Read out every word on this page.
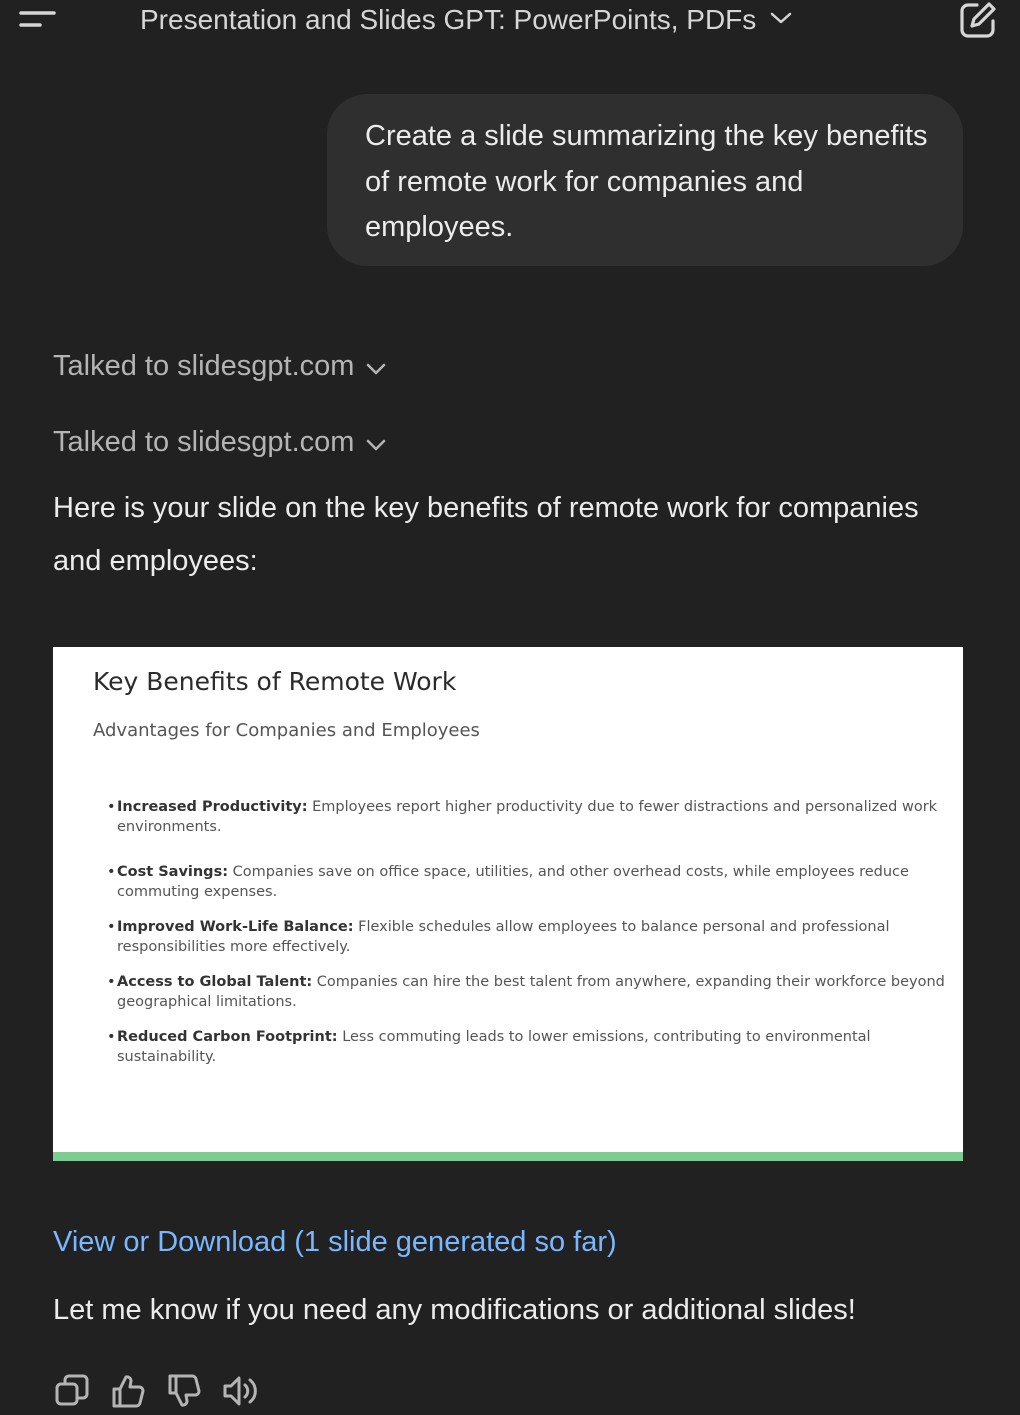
Presentation and Slides GPT: PowerPoints, PDFs
Create a slide summarizing the key benefits of remote work for companies and employees.
Talked to slidesgpt.com
Talked to slidesgpt.com
Here is your slide on the key benefits of remote work for companies and employees:
Key Benefits of Remote Work
Advantages for Companies and Employees
• Increased Productivity: Employees report higher productivity due to fewer distractions and personalized work environments.
• Cost Savings: Companies save on office space, utilities, and other overhead costs, while employees reduce commuting expenses.
• Improved Work-Life Balance: Flexible schedules allow employees to balance personal and professional responsibilities more effectively.
• Access to Global Talent: Companies can hire the best talent from anywhere, expanding their workforce beyond geographical limitations.
• Reduced Carbon Footprint: Less commuting leads to lower emissions, contributing to environmental sustainability.
View or Download (1 slide generated so far)
Let me know if you need any modifications or additional slides!
